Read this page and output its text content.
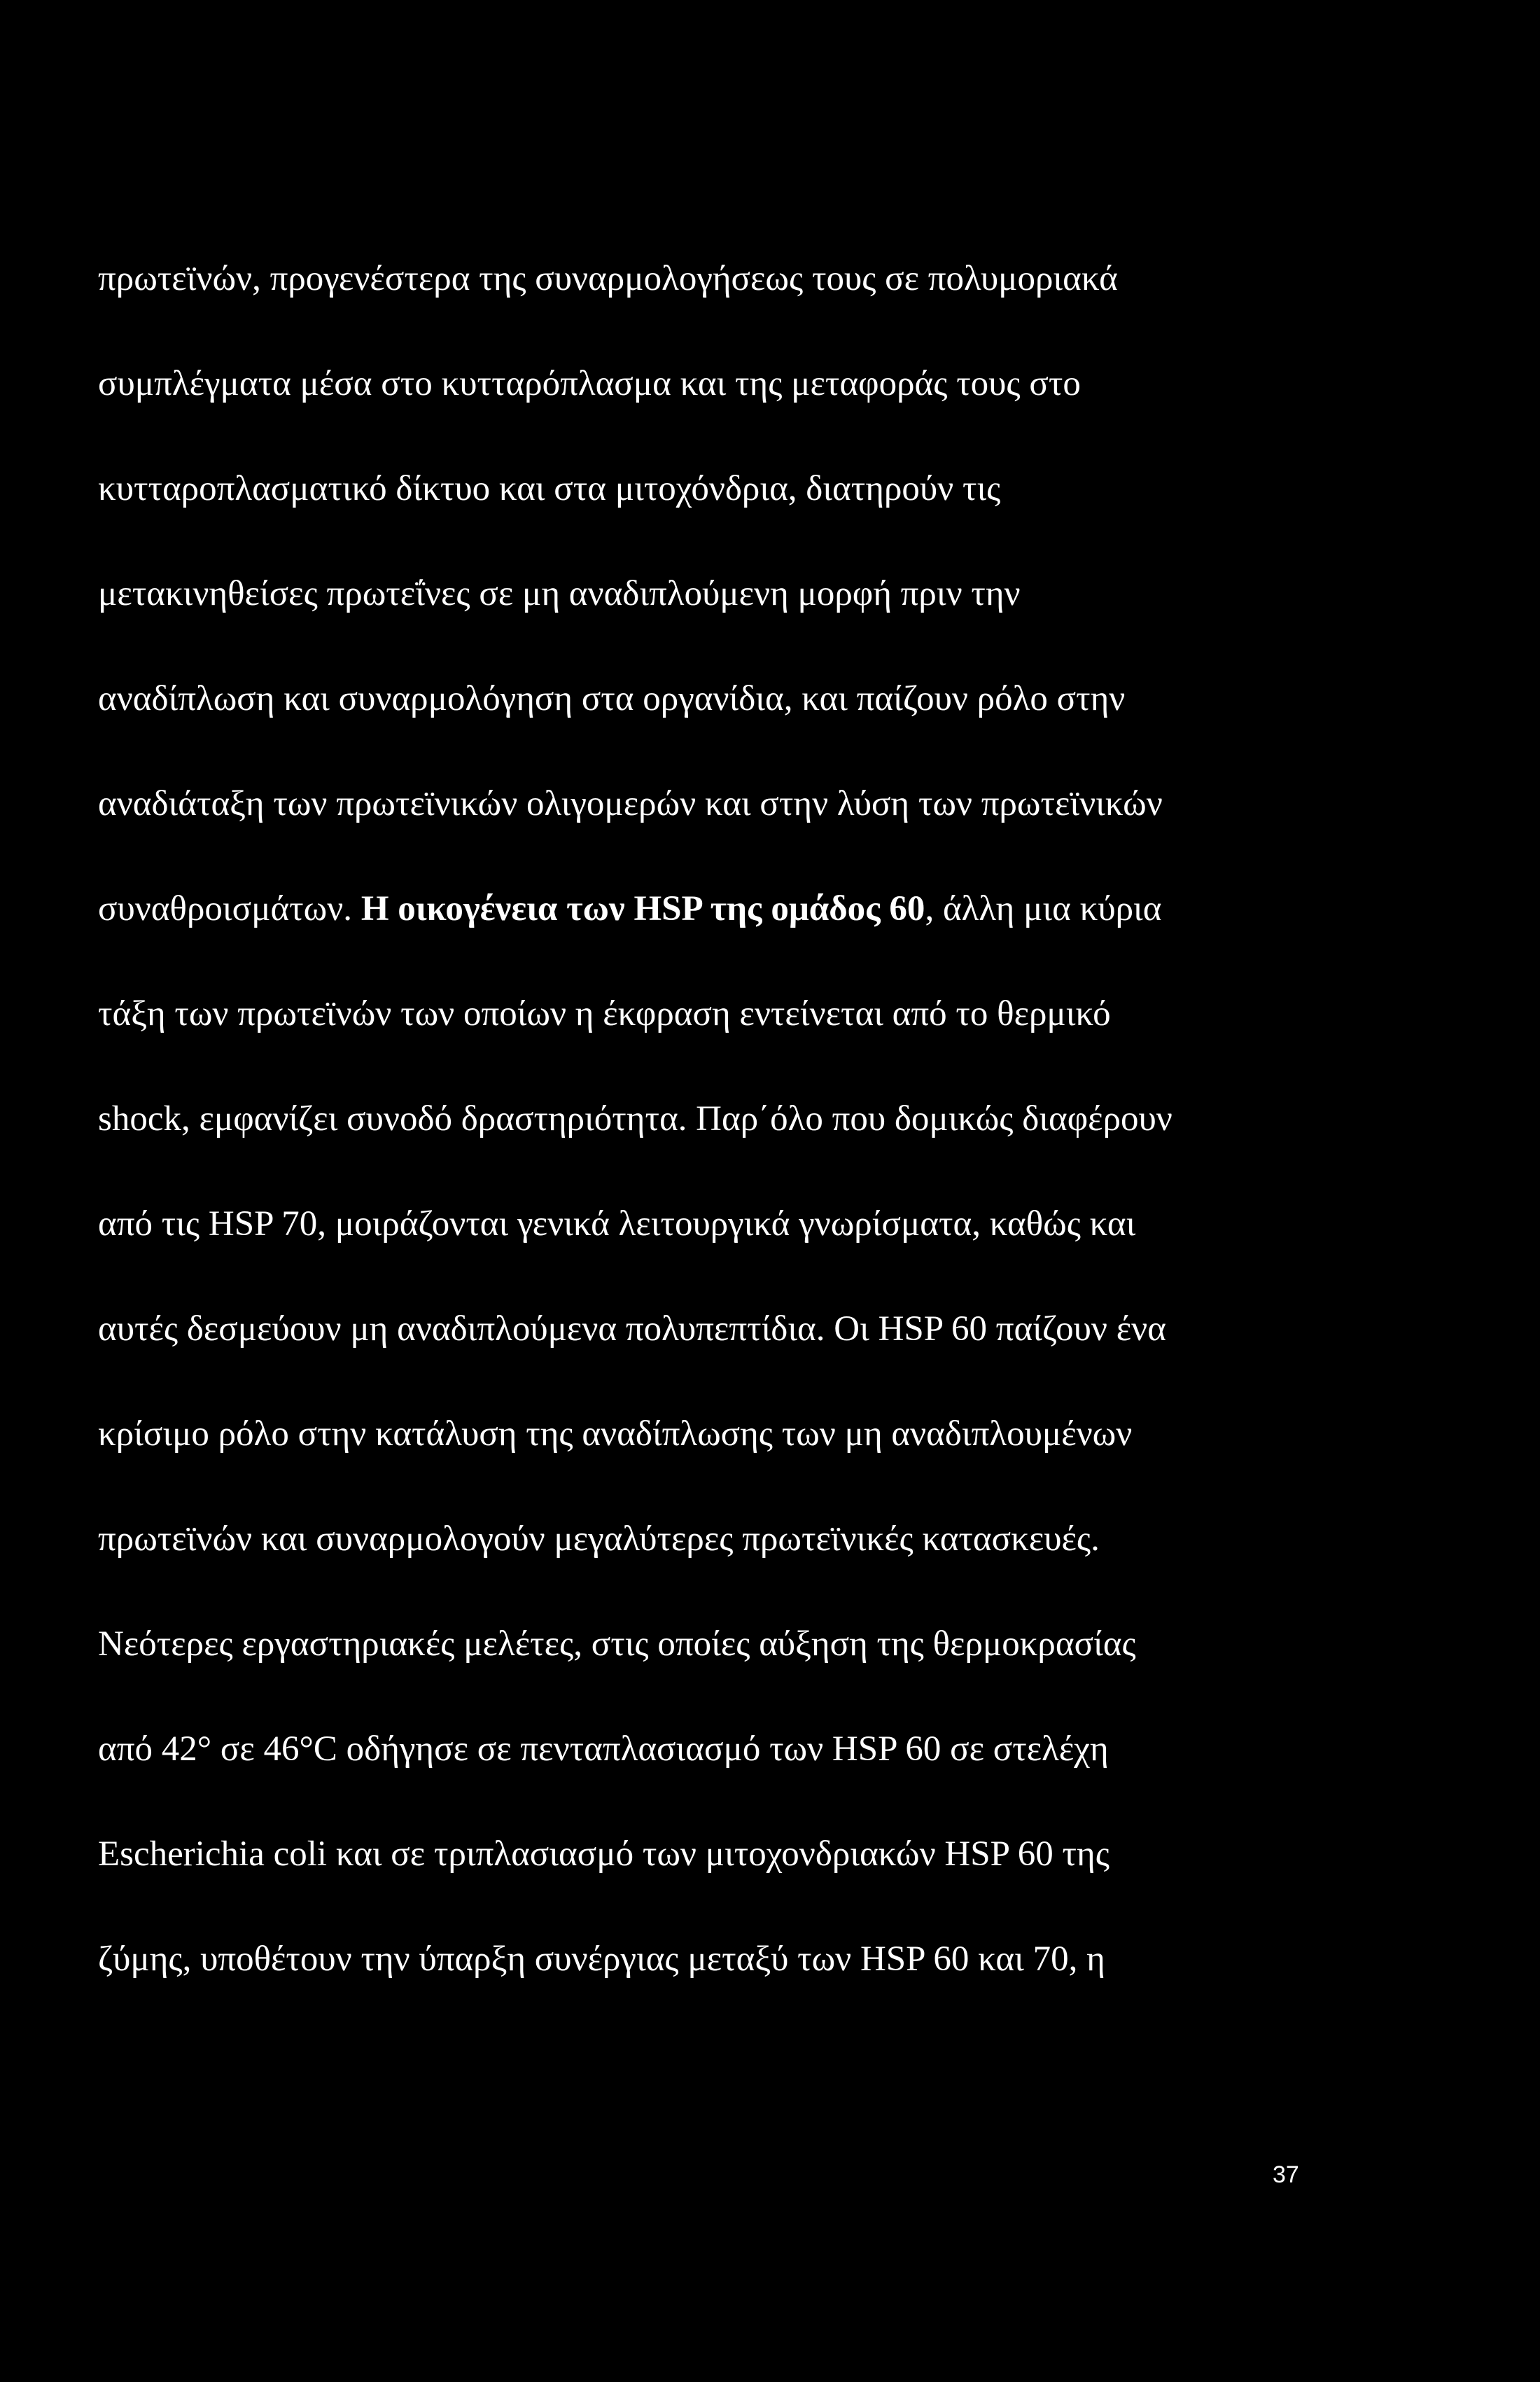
πρωτεϊνών, προγενέστερα της συναρμολογήσεως τους σε πολυμοριακά
συμπλέγματα μέσα στο κυτταρόπλασμα και της μεταφοράς τους στο
κυτταροπλασματικό δίκτυο και στα μιτοχόνδρια, διατηρούν τις
μετακινηθείσες πρωτεΐνες σε μη αναδιπλούμενη μορφή πριν την
αναδίπλωση και συναρμολόγηση στα οργανίδια, και παίζουν ρόλο στην
αναδιάταξη των πρωτεϊνικών ολιγομερών και στην λύση των πρωτεϊνικών
συναθροισμάτων. Η οικογένεια των HSP της ομάδος 60, άλλη μια κύρια
τάξη των πρωτεϊνών των οποίων η έκφραση εντείνεται από το θερμικό
shock, εμφανίζει συνοδό δραστηριότητα. Παρ΄όλο που δομικώς διαφέρουν
από τις HSP 70, μοιράζονται γενικά λειτουργικά γνωρίσματα, καθώς και
αυτές δεσμεύουν μη αναδιπλούμενα πολυπεπτίδια. Οι HSP 60 παίζουν ένα
κρίσιμο ρόλο στην κατάλυση της αναδίπλωσης των μη αναδιπλουμένων
πρωτεϊνών και συναρμολογούν μεγαλύτερες πρωτεϊνικές κατασκευές.
Νεότερες εργαστηριακές μελέτες, στις οποίες αύξηση της θερμοκρασίας
από 42° σε 46°C οδήγησε σε πενταπλασιασμό των HSP 60 σε στελέχη
Escherichia coli και σε τριπλασιασμό των μιτοχονδριακών HSP 60 της
ζύμης, υποθέτουν την ύπαρξη συνέργιας μεταξύ των HSP 60 και 70, η
37
